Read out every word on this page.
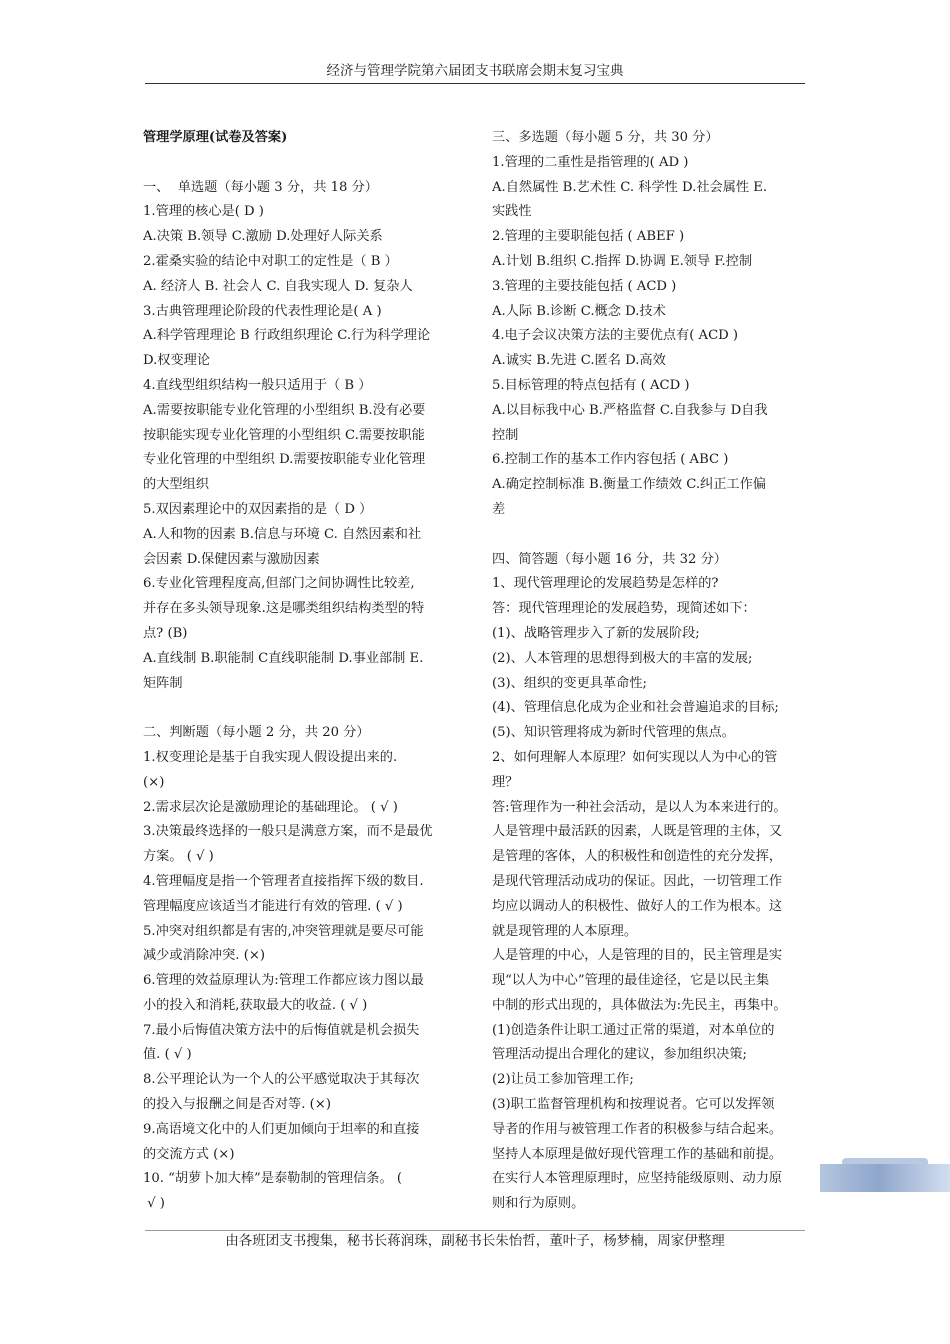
经济与管理学院第六届团支书联席会期末复习宝典
管理学原理(试卷及答案)
一、  单选题（每小题 3 分，共 18 分）
1.管理的核心是( D )
A.决策 B.领导 C.激励 D.处理好人际关系
2.霍桑实验的结论中对职工的定性是（ B ）
A. 经济人 B. 社会人 C. 自我实现人 D. 复杂人
3.古典管理理论阶段的代表性理论是( A )
A.科学管理理论 B 行政组织理论 C.行为科学理论
D.权变理论
4.直线型组织结构一般只适用于（ B ）
A.需要按职能专业化管理的小型组织 B.没有必要
按职能实现专业化管理的小型组织 C.需要按职能
专业化管理的中型组织 D.需要按职能专业化管理
的大型组织
5.双因素理论中的双因素指的是（ D ）
A.人和物的因素 B.信息与环境 C. 自然因素和社
会因素 D.保健因素与激励因素
6.专业化管理程度高,但部门之间协调性比较差,
并存在多头领导现象.这是哪类组织结构类型的特
点? (B)
A.直线制 B.职能制 C直线职能制 D.事业部制 E.
矩阵制
二、判断题（每小题 2 分，共 20 分）
1.权变理论是基于自我实现人假设提出来的.
(×)
2.需求层次论是激励理论的基础理论。 ( √ )
3.决策最终选择的一般只是满意方案，而不是最优
方案。 ( √ )
4.管理幅度是指一个管理者直接指挥下级的数目.
管理幅度应该适当才能进行有效的管理. ( √ )
5.冲突对组织都是有害的,冲突管理就是要尽可能
减少或消除冲突. (×)
6.管理的效益原理认为:管理工作都应该力图以最
小的投入和消耗,获取最大的收益. ( √ )
7.最小后悔值决策方法中的后悔值就是机会损失
值. ( √ )
8.公平理论认为一个人的公平感觉取决于其每次
的投入与报酬之间是否对等. (×)
9.高语境文化中的人们更加倾向于坦率的和直接
的交流方式 (×)
10. “胡萝卜加大棒”是泰勒制的管理信条。 (
√ )
三、多选题（每小题 5 分，共 30 分）
1.管理的二重性是指管理的( AD )
A.自然属性 B.艺术性 C. 科学性 D.社会属性 E.
实践性
2.管理的主要职能包括 ( ABEF )
A.计划 B.组织 C.指挥 D.协调 E.领导 F.控制
3.管理的主要技能包括 ( ACD )
A.人际 B.诊断 C.概念 D.技术
4.电子会议决策方法的主要优点有( ACD )
A.诚实 B.先进 C.匿名 D.高效
5.目标管理的特点包括有 ( ACD )
A.以目标我中心 B.严格监督 C.自我参与 D自我
控制
6.控制工作的基本工作内容包括 ( ABC )
A.确定控制标准 B.衡量工作绩效 C.纠正工作偏
差
四、简答题（每小题 16 分，共 32 分）
1、现代管理理论的发展趋势是怎样的?
答：现代管理理论的发展趋势，现简述如下：
(1)、战略管理步入了新的发展阶段;
(2)、人本管理的思想得到极大的丰富的发展;
(3)、组织的变更具革命性;
(4)、管理信息化成为企业和社会普遍追求的目标;
(5)、知识管理将成为新时代管理的焦点。
2、如何理解人本原理？如何实现以人为中心的管
理？
答:管理作为一种社会活动，是以人为本来进行的。
人是管理中最活跃的因素，人既是管理的主体，又
是管理的客体，人的积极性和创造性的充分发挥，
是现代管理活动成功的保证。因此，一切管理工作
均应以调动人的积极性、做好人的工作为根本。这
就是现管理的人本原理。
人是管理的中心，人是管理的目的，民主管理是实
现“以人为中心”管理的最佳途径，它是以民主集
中制的形式出现的，具体做法为:先民主，再集中。
(1)创造条件让职工通过正常的渠道，对本单位的
管理活动提出合理化的建议，参加组织决策;
(2)让员工参加管理工作;
(3)职工监督管理机构和按理说者。它可以发挥领
导者的作用与被管理工作者的积极参与结合起来。
坚持人本原理是做好现代管理工作的基础和前提。
在实行人本管理原理时，应坚持能级原则、动力原
则和行为原则。
由各班团支书搜集，秘书长蒋润珠，副秘书长朱怡哲，董叶子，杨梦楠，周家伊整理
